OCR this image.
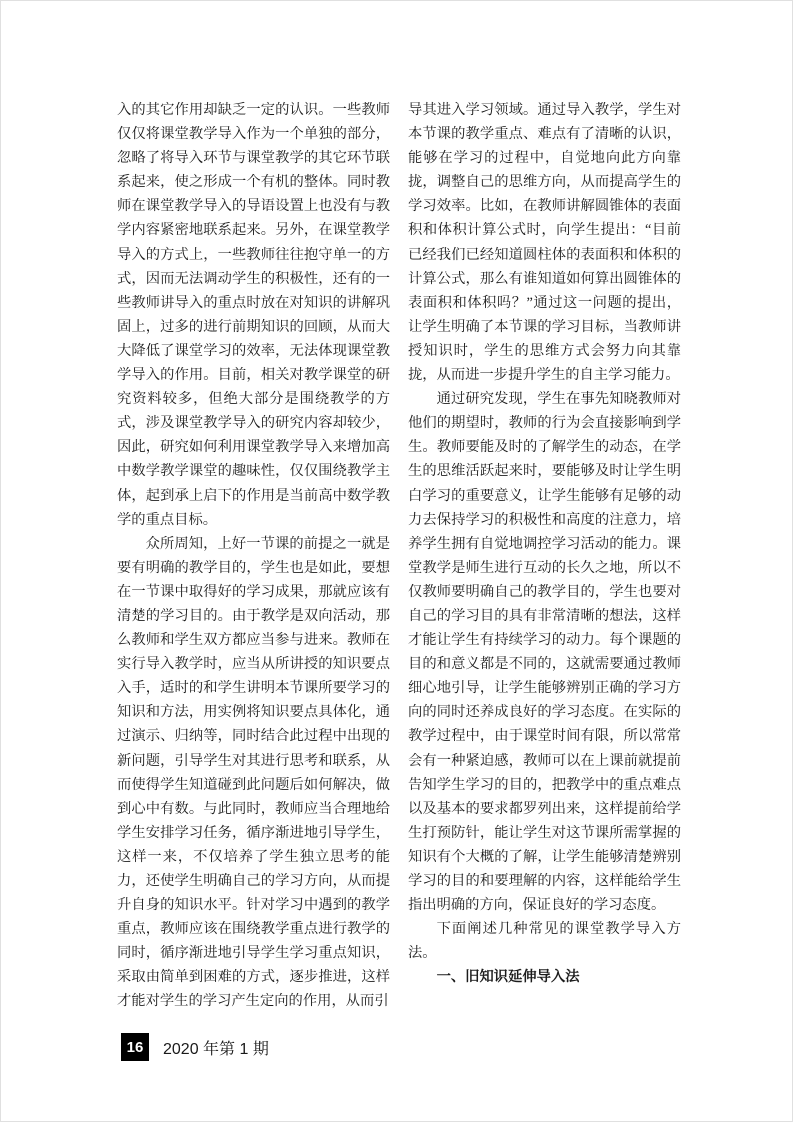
入的其它作用却缺乏一定的认识。一些教师仅仅将课堂教学导入作为一个单独的部分，忽略了将导入环节与课堂教学的其它环节联系起来，使之形成一个有机的整体。同时教师在课堂教学导入的导语设置上也没有与教学内容紧密地联系起来。另外，在课堂教学导入的方式上，一些教师往往抱守单一的方式，因而无法调动学生的积极性，还有的一些教师讲导入的重点时放在对知识的讲解巩固上，过多的进行前期知识的回顾，从而大大降低了课堂学习的效率，无法体现课堂教学导入的作用。目前，相关对教学课堂的研究资料较多，但绝大部分是围绕教学的方式，涉及课堂教学导入的研究内容却较少，因此，研究如何利用课堂教学导入来增加高中数学教学课堂的趣味性，仅仅围绕教学主体，起到承上启下的作用是当前高中数学教学的重点目标。

众所周知，上好一节课的前提之一就是要有明确的教学目的，学生也是如此，要想在一节课中取得好的学习成果，那就应该有清楚的学习目的。由于教学是双向活动，那么教师和学生双方都应当参与进来。教师在实行导入教学时，应当从所讲授的知识要点入手，适时的和学生讲明本节课所要学习的知识和方法，用实例将知识要点具体化，通过演示、归纳等，同时结合此过程中出现的新问题，引导学生对其进行思考和联系，从而使得学生知道碰到此问题后如何解决，做到心中有数。与此同时，教师应当合理地给学生安排学习任务，循序渐进地引导学生，这样一来，不仅培养了学生独立思考的能力，还使学生明确自己的学习方向，从而提升自身的知识水平。针对学习中遇到的教学重点，教师应该在围绕教学重点进行教学的同时，循序渐进地引导学生学习重点知识，采取由简单到困难的方式，逐步推进，这样才能对学生的学习产生定向的作用，从而引

导其进入学习领域。通过导入教学，学生对本节课的教学重点、难点有了清晰的认识，能够在学习的过程中，自觉地向此方向靠拢，调整自己的思维方向，从而提高学生的学习效率。比如，在教师讲解圆锥体的表面积和体积计算公式时，向学生提出：“目前已经我们已经知道圆柱体的表面积和体积的计算公式，那么有谁知道如何算出圆锥体的表面积和体积吗？”通过这一问题的提出，让学生明确了本节课的学习目标，当教师讲授知识时，学生的思维方式会努力向其靠拢，从而进一步提升学生的自主学习能力。

通过研究发现，学生在事先知晓教师对他们的期望时，教师的行为会直接影响到学生。教师要能及时的了解学生的动态，在学生的思维活跃起来时，要能够及时让学生明白学习的重要意义，让学生能够有足够的动力去保持学习的积极性和高度的注意力，培养学生拥有自觉地调控学习活动的能力。课堂教学是师生进行互动的长久之地，所以不仅教师要明确自己的教学目的，学生也要对自己的学习目的具有非常清晰的想法，这样才能让学生有持续学习的动力。每个课题的目的和意义都是不同的，这就需要通过教师细心地引导，让学生能够辨别正确的学习方向的同时还养成良好的学习态度。在实际的教学过程中，由于课堂时间有限，所以常常会有一种紧迫感，教师可以在上课前就提前告知学生学习的目的，把教学中的重点难点以及基本的要求都罗列出来，这样提前给学生打预防针，能让学生对这节课所需掌握的知识有个大概的了解，让学生能够清楚辨别学习的目的和要理解的内容，这样能给学生指出明确的方向，保证良好的学习态度。

下面阐述几种常见的课堂教学导入方法。

一、旧知识延伸导入法
16	2020 年第 1 期
